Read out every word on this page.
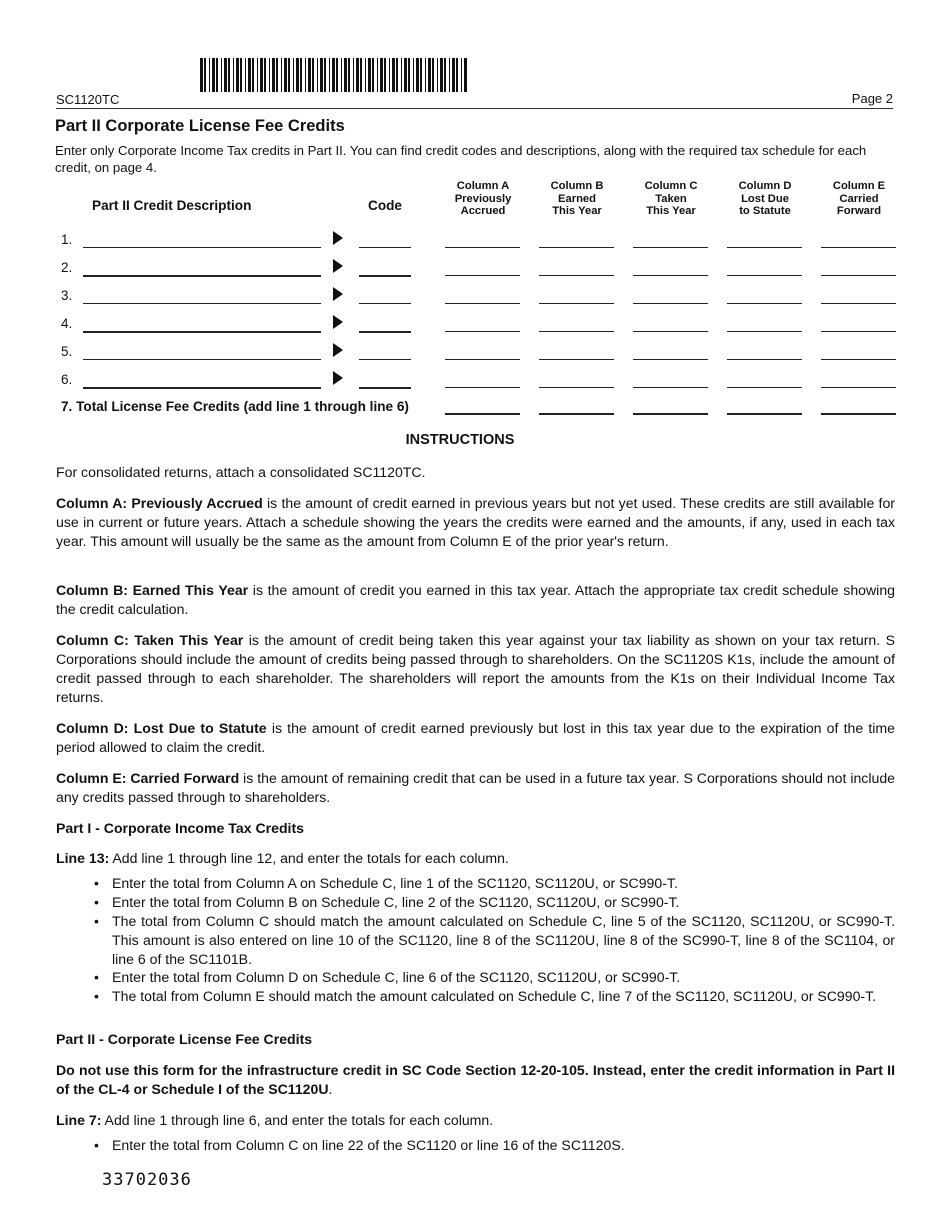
SC1120TC	Page 2
Part II Corporate License Fee Credits
Enter only Corporate Income Tax credits in Part II. You can find credit codes and descriptions, along with the required tax schedule for each credit, on page 4.
Part II Credit Description	Code
Column A
Previously
Accrued
Column B
Earned
This Year
Column C
Taken
This Year
Column D
Lost Due
to Statute
Column E
Carried
Forward
1.
2.
3.
4.
5.
6.
7. Total License Fee Credits (add line 1 through line 6)
INSTRUCTIONS
For consolidated returns, attach a consolidated SC1120TC.
Column A: Previously Accrued is the amount of credit earned in previous years but not yet used. These credits are still available for use in current or future years. Attach a schedule showing the years the credits were earned and the amounts, if any, used in each tax year. This amount will usually be the same as the amount from Column E of the prior year's return.
Column B: Earned This Year is the amount of credit you earned in this tax year. Attach the appropriate tax credit schedule showing the credit calculation.
Column C: Taken This Year is the amount of credit being taken this year against your tax liability as shown on your tax return. S Corporations should include the amount of credits being passed through to shareholders. On the SC1120S K1s, include the amount of credit passed through to each shareholder. The shareholders will report the amounts from the K1s on their Individual Income Tax returns.
Column D: Lost Due to Statute is the amount of credit earned previously but lost in this tax year due to the expiration of the time period allowed to claim the credit.
Column E: Carried Forward is the amount of remaining credit that can be used in a future tax year. S Corporations should not include any credits passed through to shareholders.
Part I - Corporate Income Tax Credits
Line 13: Add line 1 through line 12, and enter the totals for each column.
• Enter the total from Column A on Schedule C, line 1 of the SC1120, SC1120U, or SC990-T.
• Enter the total from Column B on Schedule C, line 2 of the SC1120, SC1120U, or SC990-T.
• The total from Column C should match the amount calculated on Schedule C, line 5 of the SC1120, SC1120U, or SC990-T. This amount is also entered on line 10 of the SC1120, line 8 of the SC1120U, line 8 of the SC990-T, line 8 of the SC1104, or line 6 of the SC1101B.
• Enter the total from Column D on Schedule C, line 6 of the SC1120, SC1120U, or SC990-T.
• The total from Column E should match the amount calculated on Schedule C, line 7 of the SC1120, SC1120U, or SC990-T.
Part II - Corporate License Fee Credits
Do not use this form for the infrastructure credit in SC Code Section 12-20-105. Instead, enter the credit information in Part II of the CL-4 or Schedule I of the SC1120U.
Line 7: Add line 1 through line 6, and enter the totals for each column.
• Enter the total from Column C on line 22 of the SC1120 or line 16 of the SC1120S.
33702036
